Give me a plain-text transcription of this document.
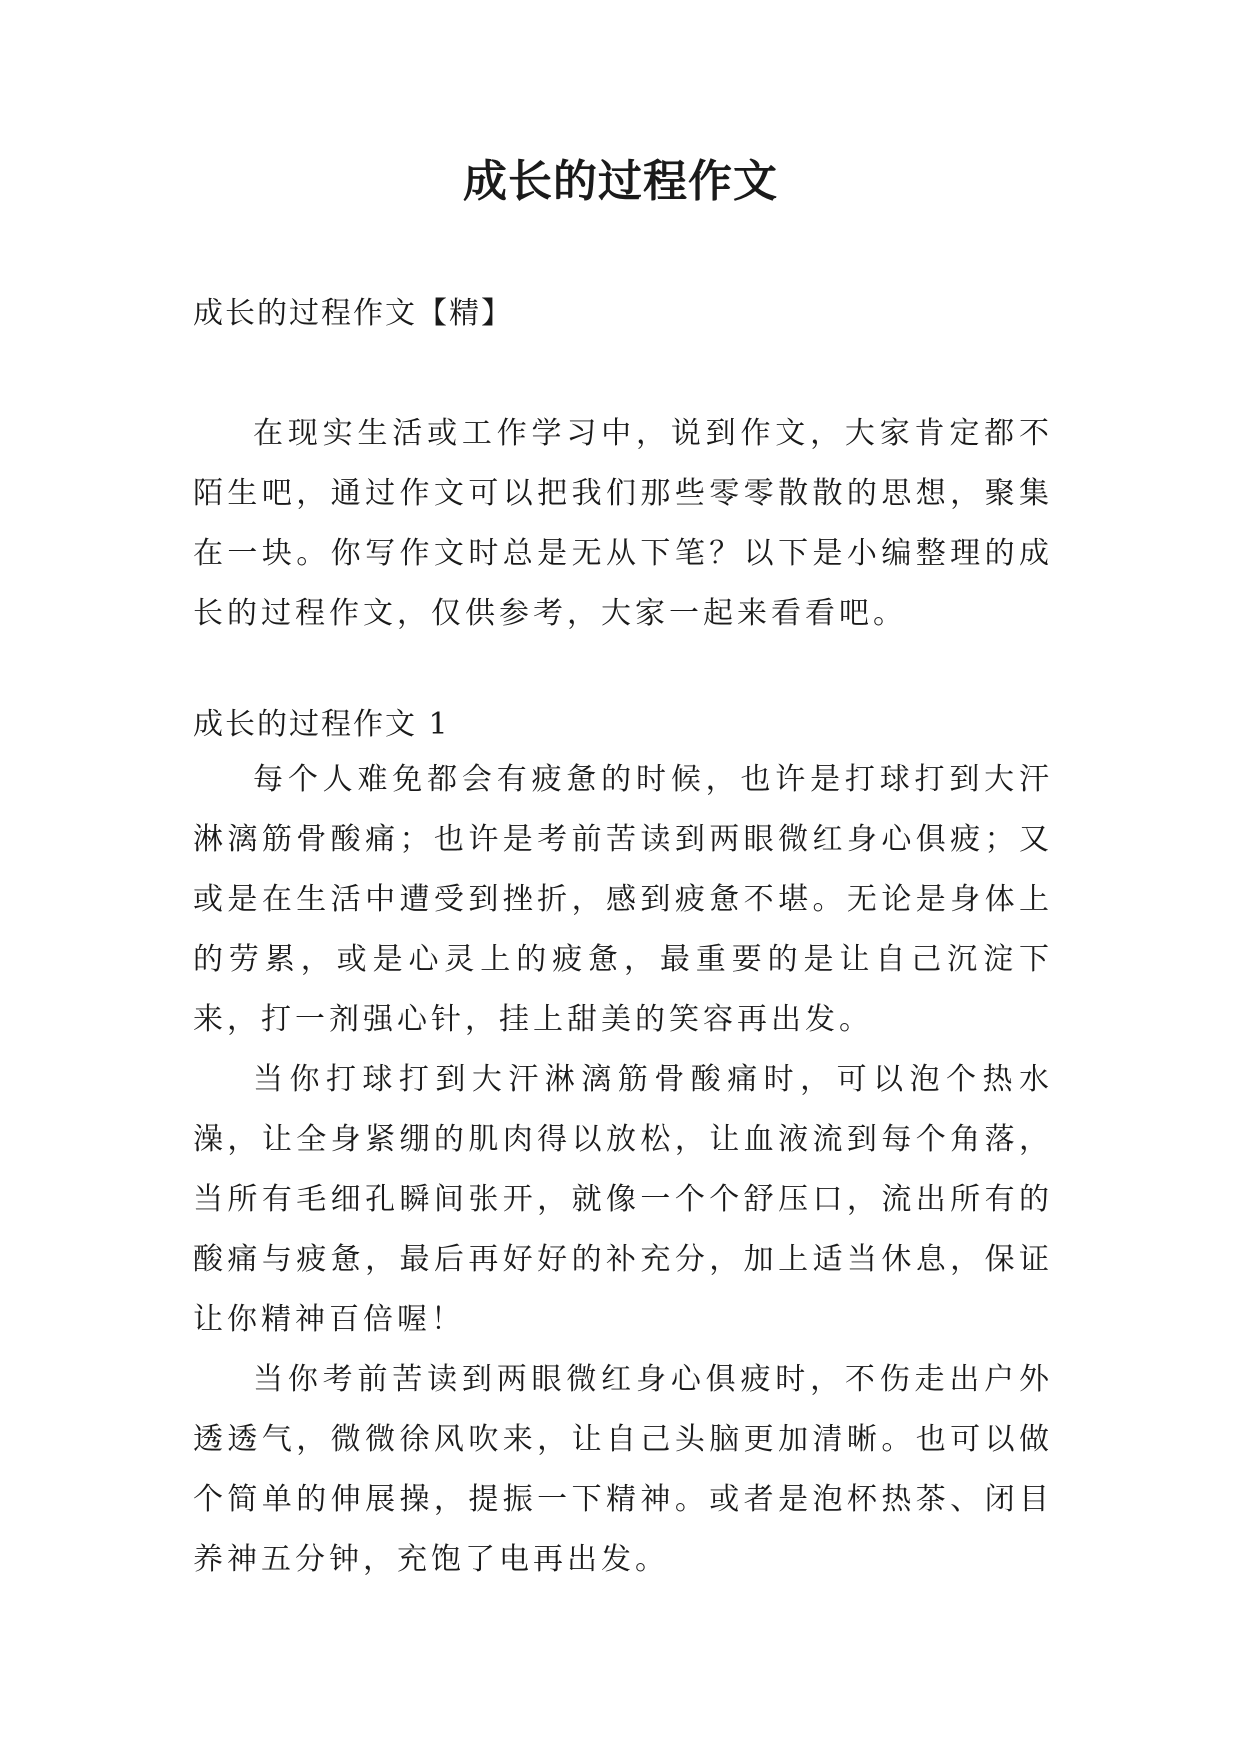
成长的过程作文
成长的过程作文【精】

在现实生活或工作学习中，说到作文，大家肯定都不陌生吧，通过作文可以把我们那些零零散散的思想，聚集在一块。你写作文时总是无从下笔？以下是小编整理的成长的过程作文，仅供参考，大家一起来看看吧。

成长的过程作文 1

每个人难免都会有疲惫的时候，也许是打球打到大汗淋漓筋骨酸痛；也许是考前苦读到两眼微红身心俱疲；又或是在生活中遭受到挫折，感到疲惫不堪。无论是身体上的劳累，或是心灵上的疲惫，最重要的是让自己沉淀下来，打一剂强心针，挂上甜美的笑容再出发。

当你打球打到大汗淋漓筋骨酸痛时，可以泡个热水澡，让全身紧绷的肌肉得以放松，让血液流到每个角落，当所有毛细孔瞬间张开，就像一个个舒压口，流出所有的酸痛与疲惫，最后再好好的补充分，加上适当休息，保证让你精神百倍喔！

当你考前苦读到两眼微红身心俱疲时，不伤走出户外透透气，微微徐风吹来，让自己头脑更加清晰。也可以做个简单的伸展操，提振一下精神。或者是泡杯热茶、闭目养神五分钟，充饱了电再出发。
